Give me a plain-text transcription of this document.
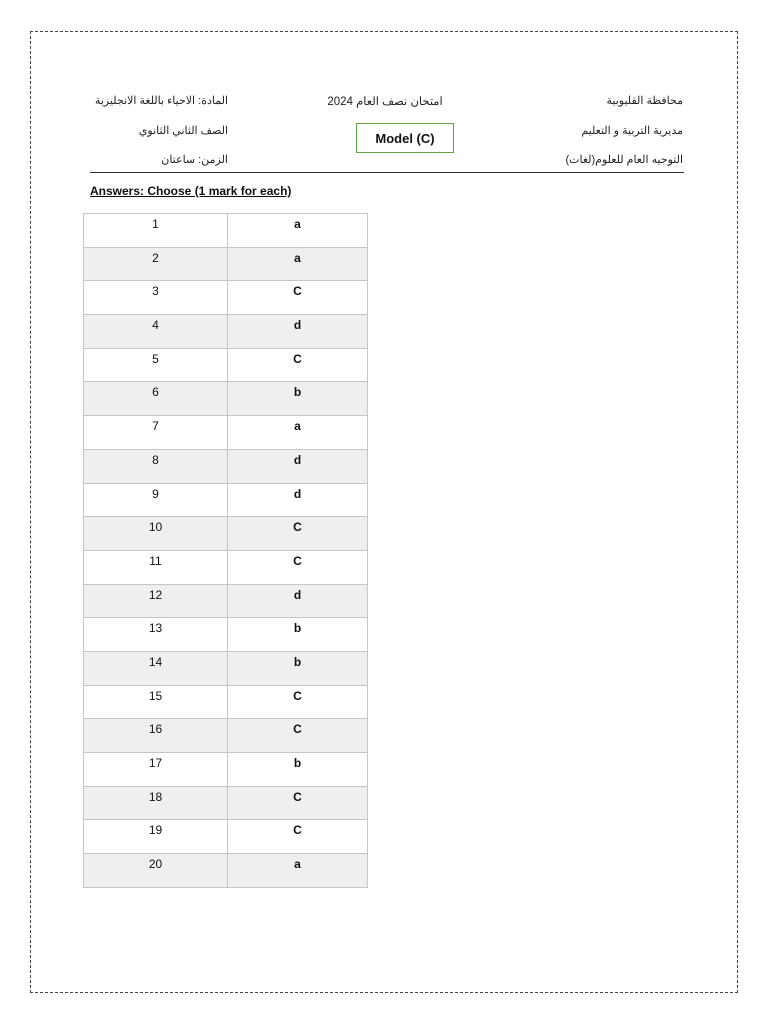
المادة: الاحياء باللغة الانجليزية
الصف الثاني الثانوي
الزمن: ساعتان
امتحان نصف العام 2024
Model (C)
محافظة القليوبية
مديرية التربية و التعليم
التوجيه العام للعلوم(لغات)
Answers: Choose (1 mark for each)
1	a
2	a
3	C
4	d
5	C
6	b
7	a
8	d
9	d
10	C
11	C
12	d
13	b
14	b
15	C
16	C
17	b
18	C
19	C
20	a
